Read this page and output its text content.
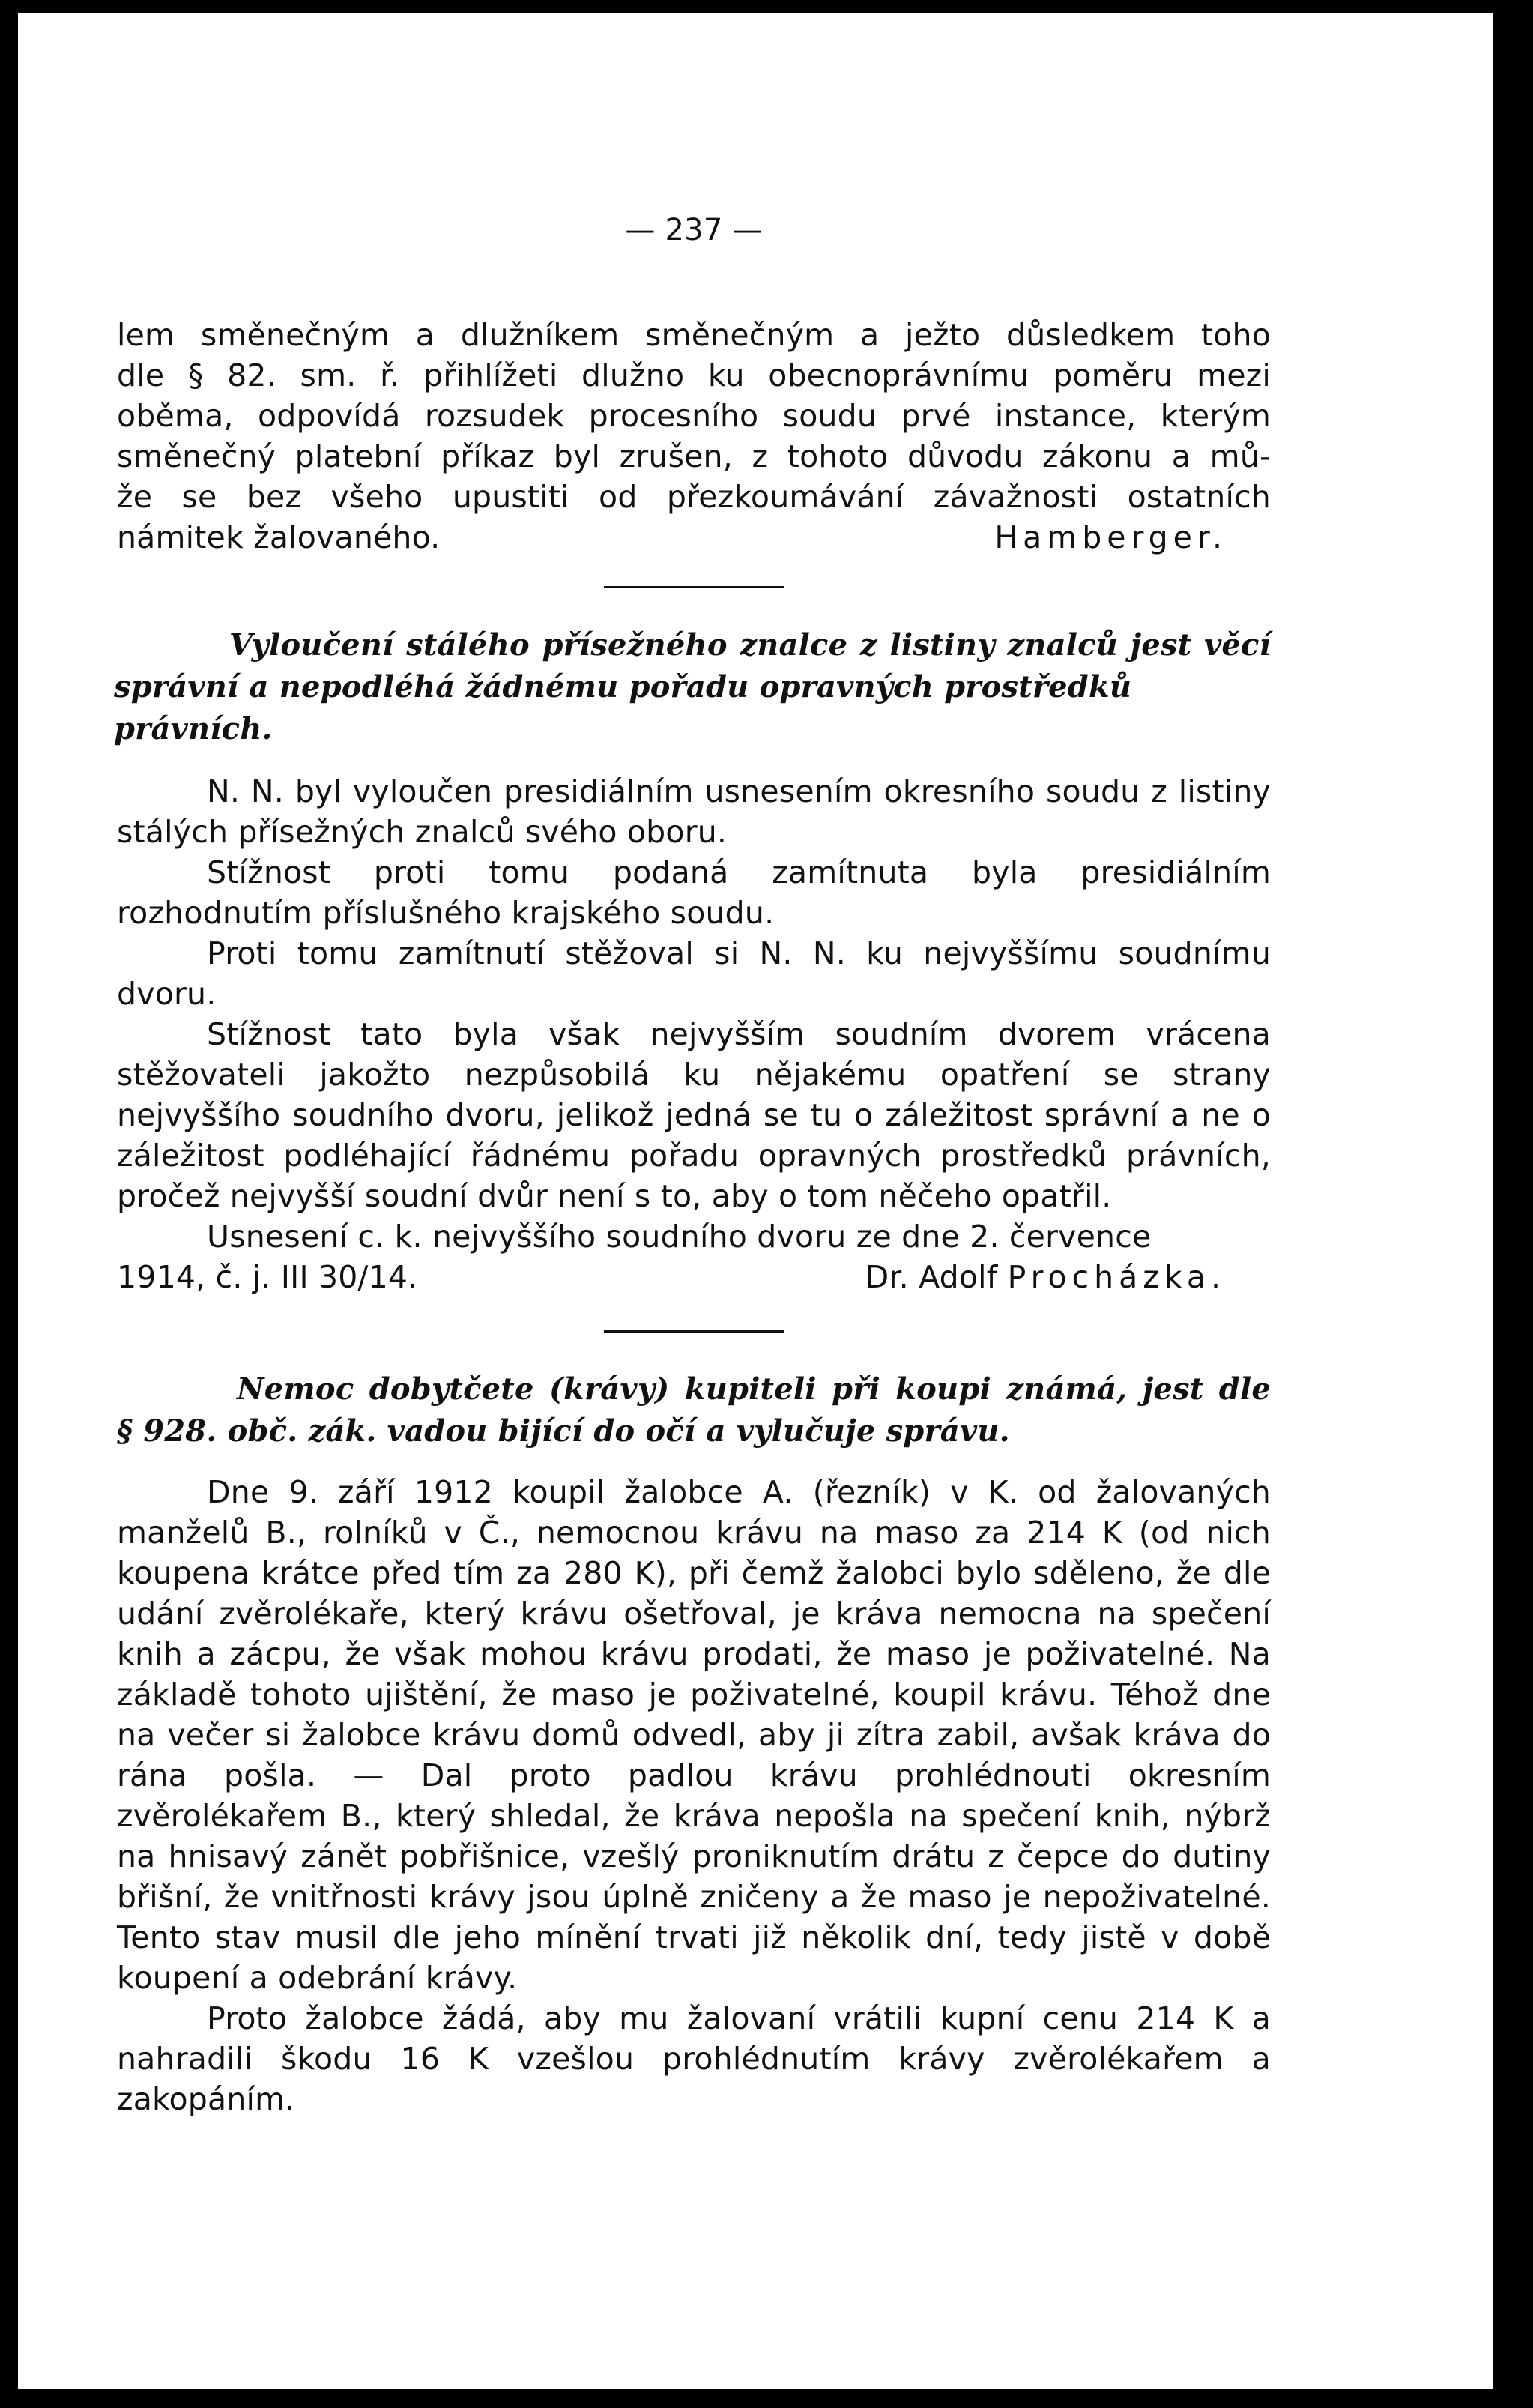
— 237 —
lem směnečným a dlužníkem směnečným a ježto důsledkem toho
dle § 82. sm. ř. přihlížeti dlužno ku obecnoprávnímu poměru mezi
oběma, odpovídá rozsudek procesního soudu prvé instance, kterým
směnečný platební příkaz byl zrušen, z tohoto důvodu zákonu a mů-
že se bez všeho upustiti od přezkoumávání závažnosti ostatních
námitek žalovaného.	Hamberger.
Vyloučení stálého přísežného znalce z listiny znalců jest věcí
správní a nepodléhá žádnému pořadu opravných prostředků právních.

N. N. byl vyloučen presidiálním usnesením okresního soudu z listiny stálých přísežných znalců svého oboru.

Stížnost proti tomu podaná zamítnuta byla presidiálním rozhodnutím příslušného krajského soudu.

Proti tomu zamítnutí stěžoval si N. N. ku nejvyššímu soudnímu dvoru.

Stížnost tato byla však nejvyšším soudním dvorem vrácena stěžovateli jakožto nezpůsobilá ku nějakému opatření se strany nejvyššího soudního dvoru, jelikož jedná se tu o záležitost správní a ne o záležitost podléhající řádnému pořadu opravných prostředků právních, pročež nejvyšší soudní dvůr není s to, aby o tom něčeho opatřil.

Usnesení c. k. nejvyššího soudního dvoru ze dne 2. července

1914, č. j. III 30/14.	Dr. Adolf Procházka.
Nemoc dobytčete (krávy) kupiteli při koupi známá, jest dle
§ 928. obč. zák. vadou bijící do očí a vylučuje správu.

Dne 9. září 1912 koupil žalobce A. (řezník) v K. od žalovaných manželů B., rolníků v Č., nemocnou krávu na maso za 214 K (od nich koupena krátce před tím za 280 K), při čemž žalobci bylo sděleno, že dle udání zvěrolékaře, který krávu ošetřoval, je kráva nemocna na spečení knih a zácpu, že však mohou krávu prodati, že maso je poživatelné. Na základě tohoto ujištění, že maso je poživatelné, koupil krávu. Téhož dne na večer si žalobce krávu domů odvedl, aby ji zítra zabil, avšak kráva do rána pošla. — Dal proto padlou krávu prohlédnouti okresním zvěrolékařem B., který shledal, že kráva nepošla na spečení knih, nýbrž na hnisavý zánět pobřišnice, vzešlý proniknutím drátu z čepce do dutiny břišní, že vnitřnosti krávy jsou úplně zničeny a že maso je nepoživatelné. Tento stav musil dle jeho mínění trvati již několik dní, tedy jistě v době koupení a odebrání krávy.

Proto žalobce žádá, aby mu žalovaní vrátili kupní cenu 214 K a nahradili škodu 16 K vzešlou prohlédnutím krávy zvěrolékařem a zakopáním.
